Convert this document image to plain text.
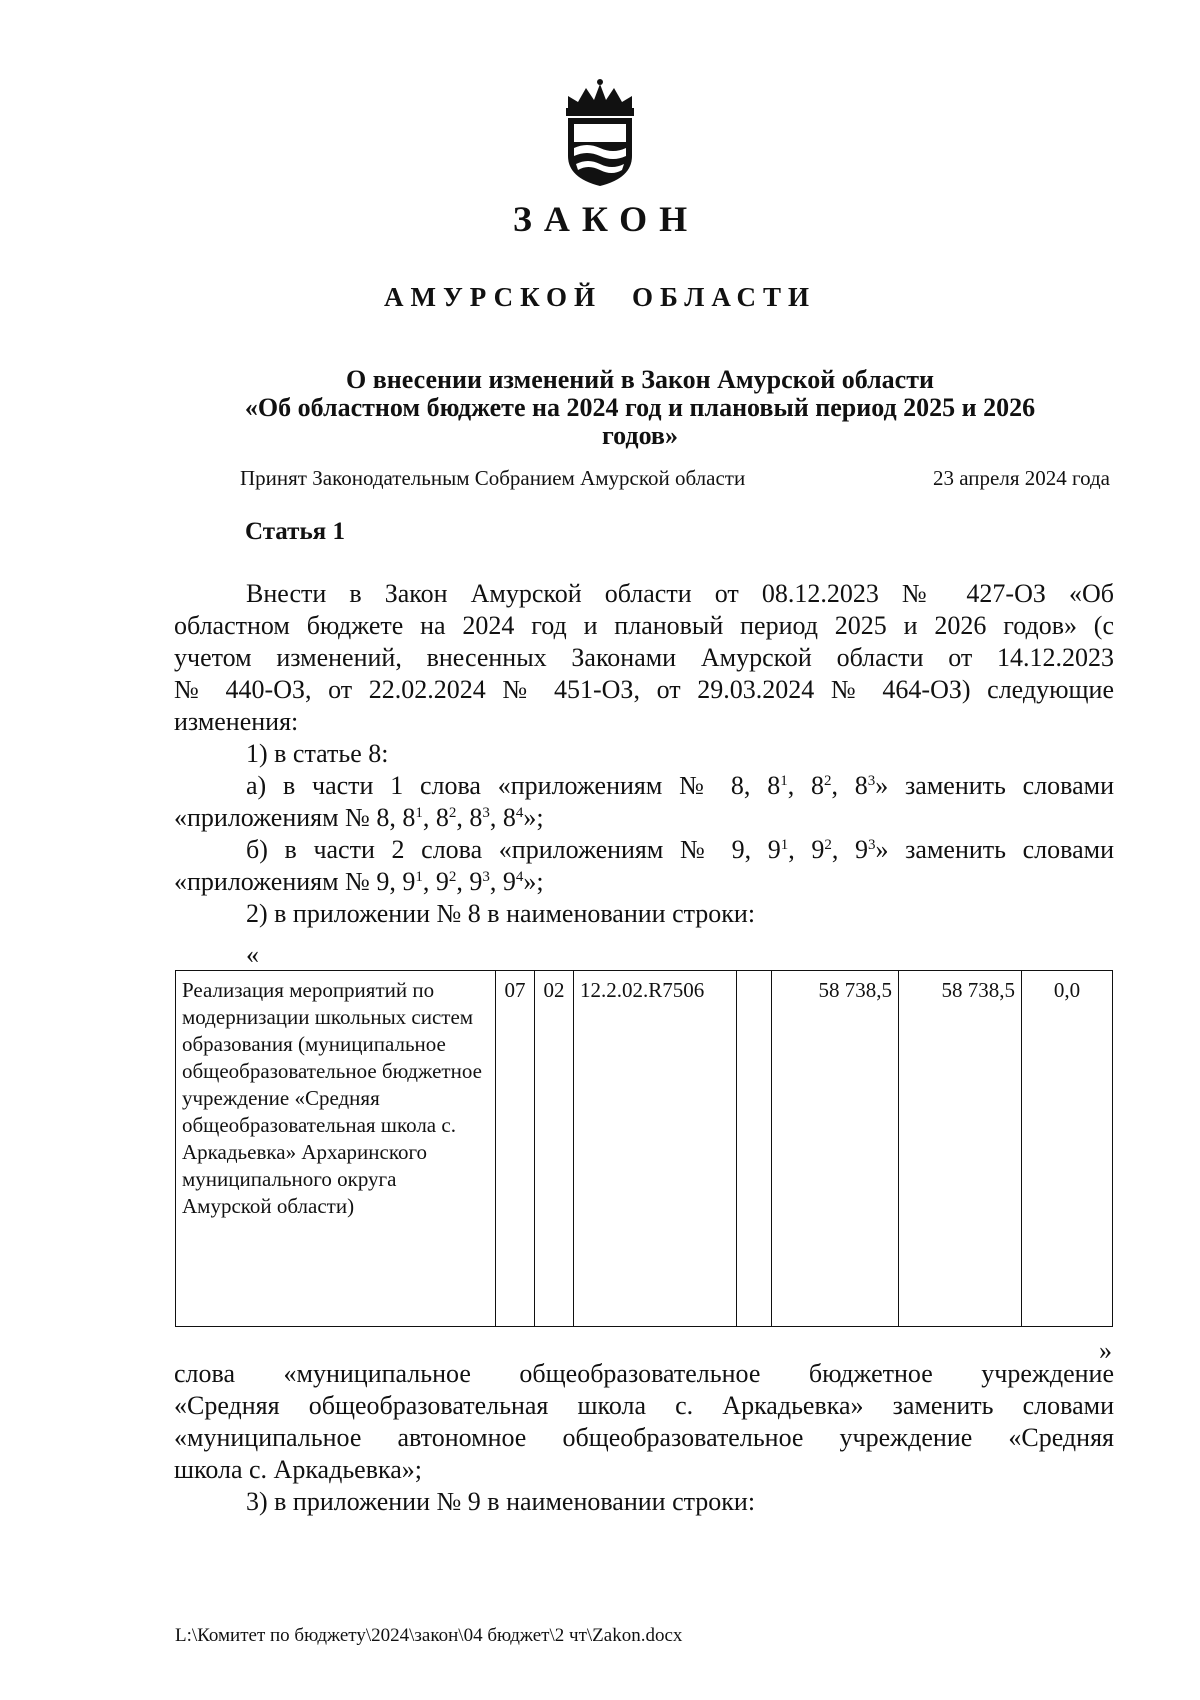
ЗАКОН
АМУРСКОЙ ОБЛАСТИ
О внесении изменений в Закон Амурской области
«Об областном бюджете на 2024 год и плановый период 2025 и 2026
годов»
Принят Законодательным Собранием Амурской области	23 апреля 2024 года
Статья 1

Внести в Закон Амурской области от 08.12.2023 № 427-ОЗ «Об

областном бюджете на 2024 год и плановый период 2025 и 2026 годов» (с

учетом изменений, внесенных Законами Амурской области от 14.12.2023

№ 440-ОЗ, от 22.02.2024 № 451-ОЗ, от 29.03.2024 № 464-ОЗ) следующие

изменения:

1) в статье 8:

а) в части 1 слова «приложениям № 8, $8^1$, $8^2$, $8^3$» заменить словами

«приложениям № 8, $8^1$, $8^2$, $8^3$, $8^4$»;

б) в части 2 слова «приложениям № 9, $9^1$, $9^2$, $9^3$» заменить словами

«приложениям № 9, $9^1$, $9^2$, $9^3$, $9^4$»;

2) в приложении № 8 в наименовании строки:

«
Реализация мероприятий по модернизации школьных систем образования (муниципальное общеобразовательное бюджетное учреждение «Средняя общеобразовательная школа с. Аркадьевка» Архаринского муниципального округа Амурской области)	07	02	12.2.02.R7506		58 738,5	58 738,5	0,0
»

слова «муниципальное общеобразовательное бюджетное учреждение

«Средняя общеобразовательная школа с. Аркадьевка» заменить словами

«муниципальное автономное общеобразовательное учреждение «Средняя

школа с. Аркадьевка»;

3) в приложении № 9 в наименовании строки:

L:\Комитет по бюджету\2024\закон\04 бюджет\2 чт\Zakon.docx
